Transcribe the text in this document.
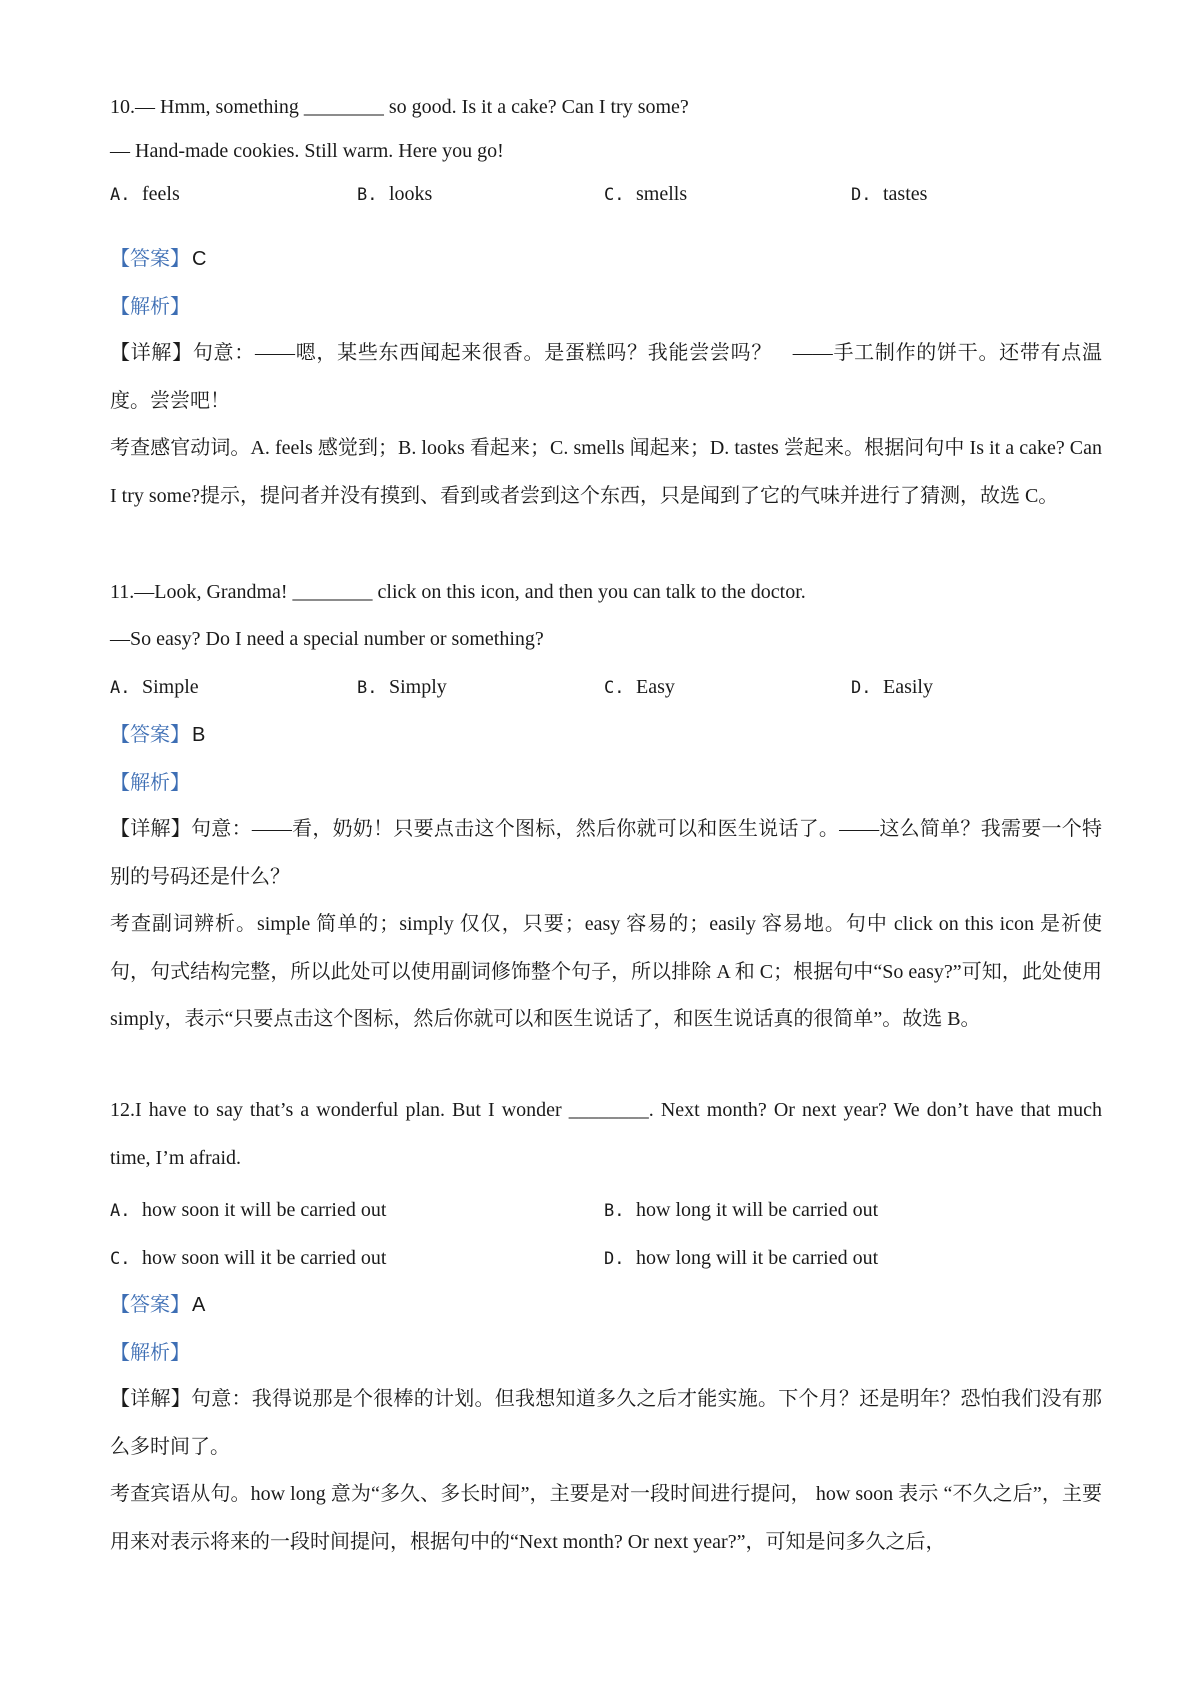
10.— Hmm, something ________ so good. Is it a cake? Can I try some?
— Hand-made cookies. Still warm. Here you go!
A. feels	B. looks	C. smells	D. tastes
【答案】 C
【解析】
【详解】句意：——嗯，某些东西闻起来很香。是蛋糕吗？我能尝尝吗？　——手工制作的饼干。还带有点温度。尝尝吧！
考查感官动词。A. feels 感觉到；B. looks 看起来；C. smells 闻起来；D. tastes 尝起来。根据问句中 Is it a cake? Can I try some?提示，提问者并没有摸到、看到或者尝到这个东西，只是闻到了它的气味并进行了猜测，故选 C。
11.—Look, Grandma! ________ click on this icon, and then you can talk to the doctor.
—So easy? Do I need a special number or something?
A. Simple	B. Simply	C. Easy	D. Easily
【答案】 B
【解析】
【详解】句意：——看，奶奶！只要点击这个图标，然后你就可以和医生说话了。——这么简单？我需要一个特别的号码还是什么？
考查副词辨析。simple 简单的；simply 仅仅，只要；easy 容易的；easily 容易地。句中 click on this icon 是祈使句，句式结构完整，所以此处可以使用副词修饰整个句子，所以排除 A 和 C；根据句中“So easy?”可知，此处使用 simply，表示“只要点击这个图标，然后你就可以和医生说话了，和医生说话真的很简单”。故选 B。
12.I have to say that’s a wonderful plan. But I wonder ________. Next month? Or next year? We don’t have that much time, I’m afraid.
A. how soon it will be carried out	B. how long it will be carried out
C. how soon will it be carried out	D. how long will it be carried out
【答案】 A
【解析】
【详解】句意：我得说那是个很棒的计划。但我想知道多久之后才能实施。下个月？还是明年？恐怕我们没有那么多时间了。
考查宾语从句。how long 意为“多久、多长时间”，主要是对一段时间进行提问， how soon 表示 “不久之后”，主要用来对表示将来的一段时间提问，根据句中的“Next month? Or next year?”，可知是问多久之后，
